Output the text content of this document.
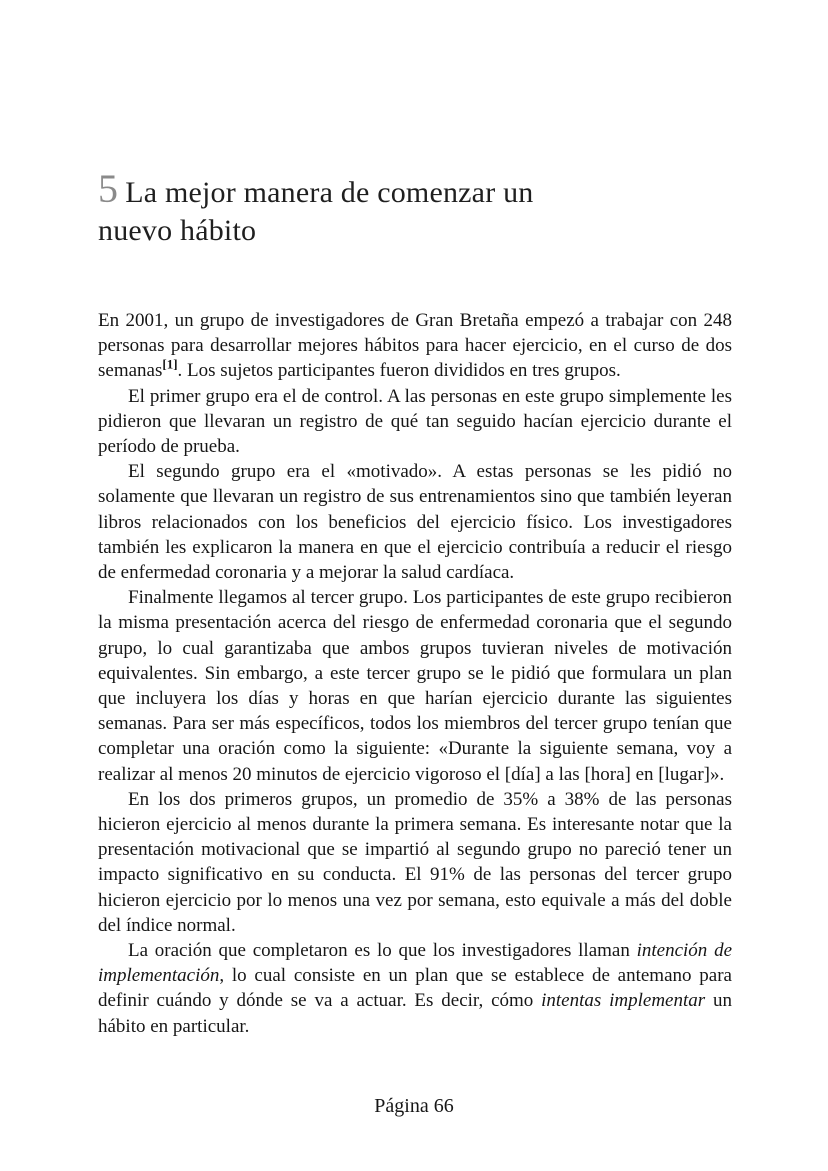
5 La mejor manera de comenzar un
nuevo hábito

En 2001, un grupo de investigadores de Gran Bretaña empezó a trabajar con 248 personas para desarrollar mejores hábitos para hacer ejercicio, en el curso de dos semanas[1]. Los sujetos participantes fueron divididos en tres grupos.

El primer grupo era el de control. A las personas en este grupo simplemente les pidieron que llevaran un registro de qué tan seguido hacían ejercicio durante el período de prueba.

El segundo grupo era el «motivado». A estas personas se les pidió no solamente que llevaran un registro de sus entrenamientos sino que también leyeran libros relacionados con los beneficios del ejercicio físico. Los investigadores también les explicaron la manera en que el ejercicio contribuía a reducir el riesgo de enfermedad coronaria y a mejorar la salud cardíaca.

Finalmente llegamos al tercer grupo. Los participantes de este grupo recibieron la misma presentación acerca del riesgo de enfermedad coronaria que el segundo grupo, lo cual garantizaba que ambos grupos tuvieran niveles de motivación equivalentes. Sin embargo, a este tercer grupo se le pidió que formulara un plan que incluyera los días y horas en que harían ejercicio durante las siguientes semanas. Para ser más específicos, todos los miembros del tercer grupo tenían que completar una oración como la siguiente: «Durante la siguiente semana, voy a realizar al menos 20 minutos de ejercicio vigoroso el [día] a las [hora] en [lugar]».

En los dos primeros grupos, un promedio de 35% a 38% de las personas hicieron ejercicio al menos durante la primera semana. Es interesante notar que la presentación motivacional que se impartió al segundo grupo no pareció tener un impacto significativo en su conducta. El 91% de las personas del tercer grupo hicieron ejercicio por lo menos una vez por semana, esto equivale a más del doble del índice normal.

La oración que completaron es lo que los investigadores llaman intención de implementación, lo cual consiste en un plan que se establece de antemano para definir cuándo y dónde se va a actuar. Es decir, cómo intentas implementar un hábito en particular.

Página 66
